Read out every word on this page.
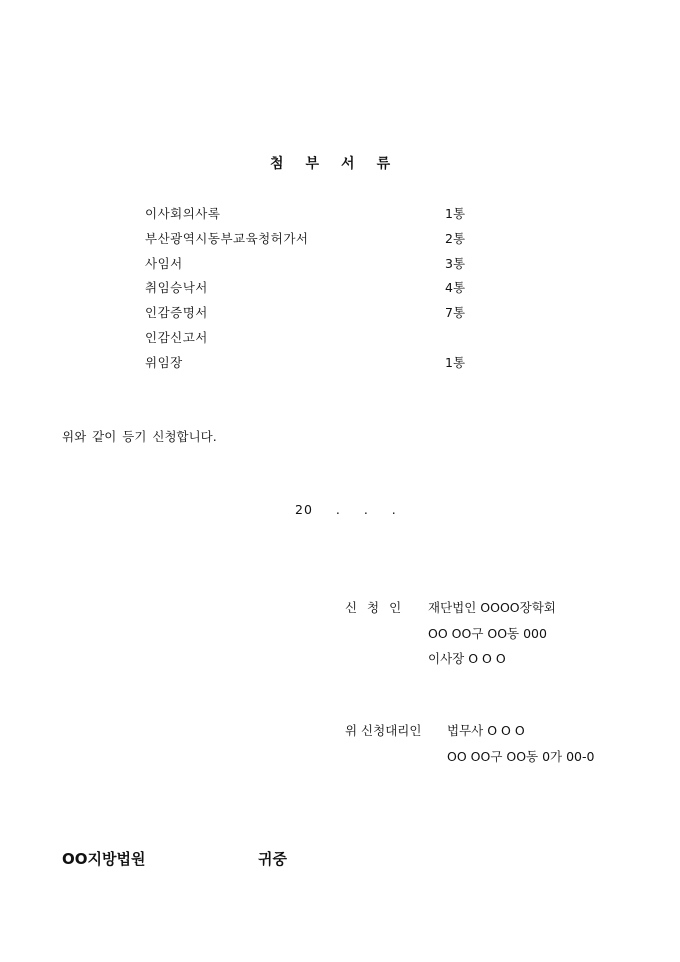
첨부서류
이사회의사록	1통
부산광역시동부교육청허가서	2통
사임서	3통
취임승낙서	4통
인감증명서	7통
인감신고서
위임장	1통
위와 같이 등기 신청합니다.
20 . . .
신 청 인 재단법인 OOOO장학회
OO OO구 OO동 000
이사장 O O O
위 신청대리인 법무사 O O O
OO OO구 OO동 0가 00-0
OO지방법원	귀중
